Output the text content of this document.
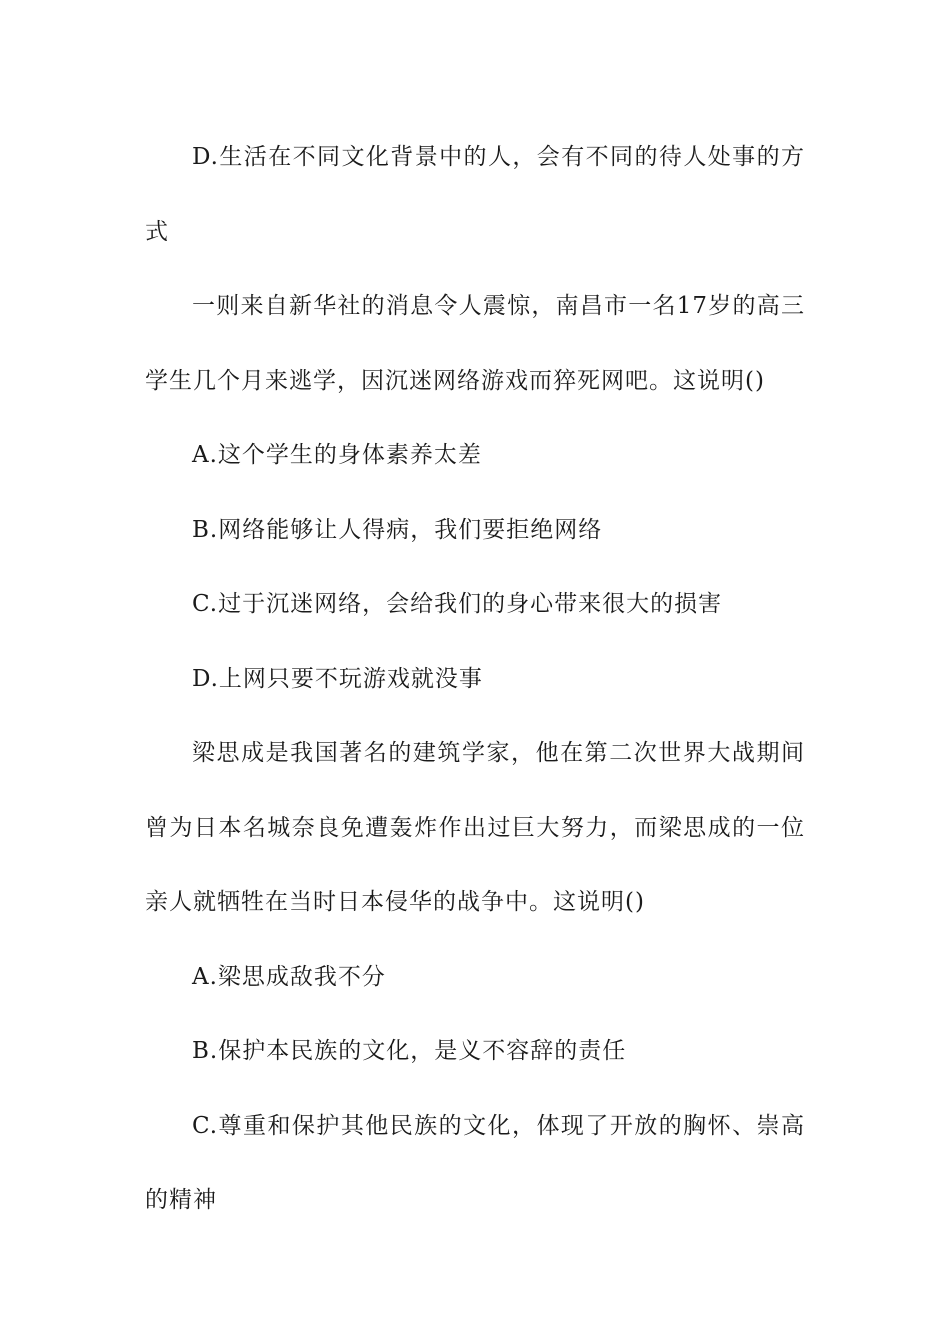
D.生活在不同文化背景中的人，会有不同的待人处事的方式

一则来自新华社的消息令人震惊，南昌市一名17岁的高三学生几个月来逃学，因沉迷网络游戏而猝死网吧。这说明()

A.这个学生的身体素养太差

B.网络能够让人得病，我们要拒绝网络

C.过于沉迷网络，会给我们的身心带来很大的损害

D.上网只要不玩游戏就没事

梁思成是我国著名的建筑学家，他在第二次世界大战期间曾为日本名城奈良免遭轰炸作出过巨大努力，而梁思成的一位亲人就牺牲在当时日本侵华的战争中。这说明()

A.梁思成敌我不分

B.保护本民族的文化，是义不容辞的责任

C.尊重和保护其他民族的文化，体现了开放的胸怀、崇高的精神
